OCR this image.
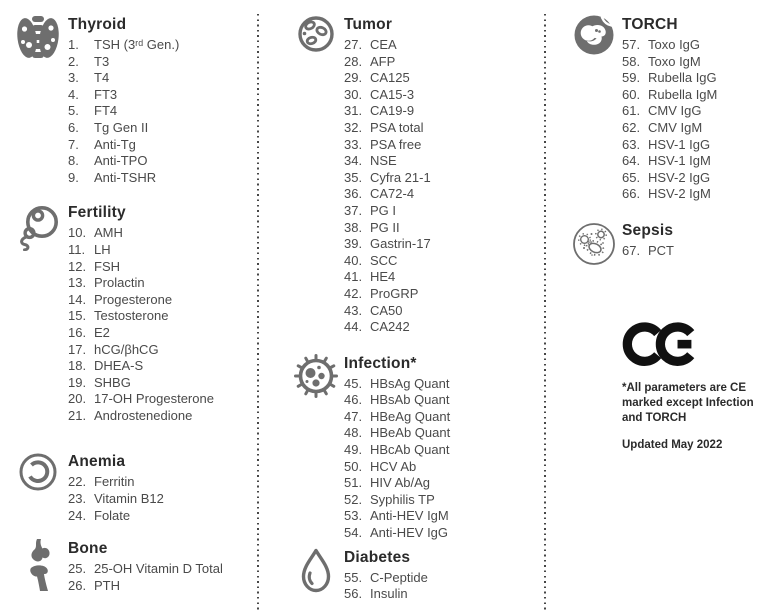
Thyroid
1.	TSH (3ʳᵈ Gen.)
2.	T3
3.	T4
4.	FT3
5.	FT4
6.	Tg Gen II
7.	Anti-Tg
8.	Anti-TPO
9.	Anti-TSHR
Fertility
10. AMH
11. LH
12. FSH
13. Prolactin
14. Progesterone
15. Testosterone
16. E2
17. hCG/βhCG
18. DHEA-S
19. SHBG
20. 17-OH Progesterone
21. Androstenedione
Anemia
22. Ferritin
23. Vitamin B12
24. Folate
Bone
25. 25-OH Vitamin D Total
26. PTH
Tumor
27. CEA
28. AFP
29. CA125
30. CA15-3
31. CA19-9
32. PSA total
33. PSA free
34. NSE
35. Cyfra 21-1
36. CA72-4
37. PG I
38. PG II
39. Gastrin-17
40. SCC
41. HE4
42. ProGRP
43. CA50
44. CA242
Infection*
45. HBsAg Quant
46. HBsAb Quant
47. HBeAg Quant
48. HBeAb Quant
49. HBcAb Quant
50. HCV Ab
51. HIV Ab/Ag
52. Syphilis TP
53. Anti-HEV IgM
54. Anti-HEV IgG
Diabetes
55. C-Peptide
56. Insulin
TORCH
57. Toxo IgG
58. Toxo IgM
59. Rubella IgG
60. Rubella IgM
61. CMV IgG
62. CMV IgM
63. HSV-1 IgG
64. HSV-1 IgM
65. HSV-2 IgG
66. HSV-2 IgM
Sepsis
67. PCT

*All parameters are CE marked except Infection and TORCH

Updated May 2022
